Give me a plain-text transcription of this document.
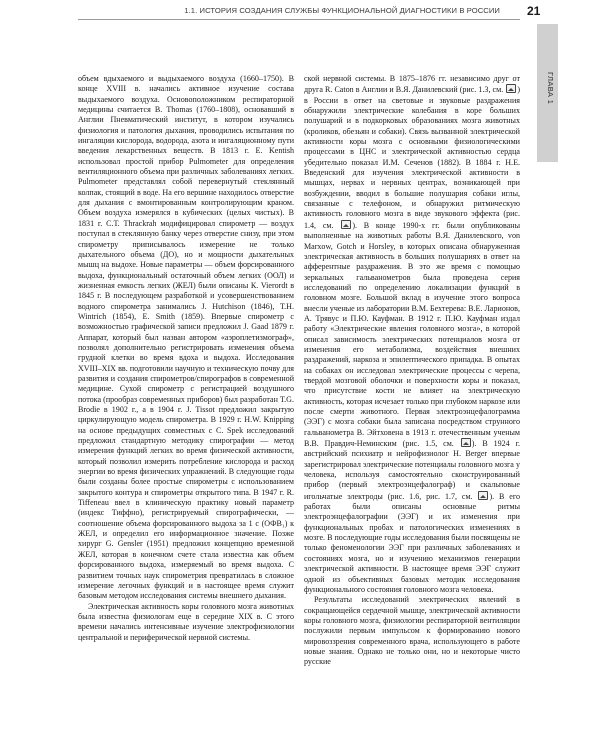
1.1. ИСТОРИЯ СОЗДАНИЯ СЛУЖБЫ ФУНКЦИОНАЛЬНОЙ ДИАГНОСТИКИ В РОССИИ 21
ГЛАВА 1

объем вдыхаемого и выдыхаемого воздуха (1660–1750). В конце XVIII в. начались активное изучение состава выдыхаемого воздуха. Основоположником респираторной медицины считается В. Thomas (1760–1808), основавший в Англии Пневматический институт, в котором изучались физиология и патология дыхания, проводились испытания по ингаляции кислорода, водорода, азота и ингаляционному пути введения лекарственных веществ. В 1813 г. Е. Kentish использовал простой прибор Pulmometer для определения вентиляционного объема при различных заболеваниях легких. Pulmometer представлял собой перевернутый стеклянный колпак, стоящий в воде. На его вершине находилось отверстие для дыхания с вмонтированным контролирующим краном. Объем воздуха измерялся в кубических (целых чистых). В 1831 г. С.Т. Thrackrah модифицировал спирометр — воздух поступал в стеклянную банку через отверстие снизу, при этом спирометру приписывалось измерение не только дыхательного объема (ДО), но и мощности дыхательных мышц на выдохе. Новые параметры — объем форсированного выдоха, функциональный остаточный объем легких (ООЛ) и жизненная емкость легких (ЖЕЛ) были описаны К. Vierordt в 1845 г. В последующем разработкой и усовершенствованием водного спирометра занимались J. Hutchison (1846), Т.Н. Wintrich (1854), Е. Smith (1859). Впервые спирометр с возможностью графической записи предложил J. Gaad 1879 г. Аппарат, который был назван автором «аэроплетизмограф», позволял дополнительно регистрировать изменения объема грудной клетки во время вдоха и выдоха. Исследования XVIII–XIX вв. подготовили научную и техническую почву для развития и создания спирометров/спирографов в современной медицине. Сухой спирометр с регистрацией воздушного потока (прообраз современных приборов) был разработан Т.G. Brodie в 1902 г., а в 1904 г. J. Tissot предложил закрытую циркулирующую модель спирометра. В 1929 г. Н.W. Knipping на основе предыдущих совместных с С. Spek исследований предложил стандартную методику спирографии — метод измерения функций легких во время физической активности, который позволил измерить потребление кислорода и расход энергии во время физических упражнений. В следующие годы были созданы более простые спирометры с использованием закрытого контура и спирометры открытого типа. В 1947 г. R. Tiffeneau ввел в клиническую практику новый параметр (индекс Тиффно), регистрируемый спирографически, — соотношение объема форсированного выдоха за 1 с (ОФВ₁) к ЖЕЛ, и определил его информационное значение. Позже хирург G. Gensler (1951) предложил концепцию временной ЖЕЛ, которая в конечном счете стала известна как объем форсированного выдоха, измеряемый во время выдоха. С развитием точных наук спирометрия превратилась в сложное измерение легочных функций и в настоящее время служит базовым методом исследования системы внешнего дыхания.

Электрическая активность коры головного мозга животных была известна физиологам еще в середине XIX в. С этого времени начались интенсивные изучение электрофизиологии центральной и периферической нервной системы.

ской нервной системы. В 1875–1876 гг. независимо друг от друга R. Caton в Англии и В.Я. Данилевский (рис. 1.3, см. ) в России в ответ на световые и звуковые раздражения обнаружили электрические колебания в коре больших полушарий и в подкорковых образованиях мозга животных (кроликов, обезьян и собаки). Связь вызванной электрической активности коры мозга с основными физиологическими процессами в ЦНС и электрической активностью сердца убедительно показал И.М. Сеченов (1882). В 1884 г. Н.Е. Введенский для изучения электрической активности в мышцах, нервах и нервных центрах, возникающей при возбуждении, вводил в большие полушария собаки иглы, связанные с телефоном, и обнаружил ритмическую активность головного мозга в виде звукового эффекта (рис. 1.4, см. ). В конце 1990-х гг. были опубликованы выполненные на животных работы В.Я. Данилевского, von Marxow, Gotch и Horsley, в которых описана обнаруженная электрическая активность в больших полушариях в ответ на афферентные раздражения. В это же время с помощью зеркальных гальванометров была проведена серия исследований по определению локализации функций в головном мозге. Большой вклад в изучение этого вопроса внесли ученые из лаборатории В.М. Бехтерева: В.Е. Ларионов, А. Трявус и П.Ю. Кауфман. В 1912 г. П.Ю. Кауфман издал работу «Электрические явления головного мозга», в которой описал зависимость электрических потенциалов мозга от изменения его метаболизма, воздействия внешних раздражений, наркоза и эпилептического припадка. В опытах на собаках он исследовал электрические процессы с черепа, твердой мозговой оболочки и поверхности коры и показал, что присутствие кости не влияет на электрическую активность, которая исчезает только при глубоком наркозе или после смерти животного. Первая электроэнцефалограмма (ЭЭГ) с мозга собаки была записана посредством струнного гальванометра В. Эйтховена в 1913 г. отечественным ученым В.В. Правдич-Неминским (рис. 1.5, см. ). В 1924 г. австрийский психиатр и нейрофизиолог Н. Berger впервые зарегистрировал электрические потенциалы головного мозга у человека, используя самостоятельно сконструированный прибор (первый электроэнцефалограф) и скальповые игольчатые электроды (рис. 1.6, рис. 1.7, см. ). В его работах были описаны основные ритмы электроэнцефалографии (ЭЭГ) и их изменения при функциональных пробах и патологических изменениях в мозге. В последующие годы исследования были посвящены не только феноменологии ЭЭГ при различных заболеваниях и состояниях мозга, но и изучению механизмов генерации электрической активности. В настоящее время ЭЭГ служит одной из объективных базовых методик исследования функционального состояния головного мозга человека.

Результаты исследований электрических явлений в сокращающейся сердечной мышце, электрической активности коры головного мозга, физиологии респираторной вентиляции послужили первым импульсом к формированию нового мировоззрения современного врача, использующего в работе новые знания. Однако не только они, но и некоторые чисто русские
